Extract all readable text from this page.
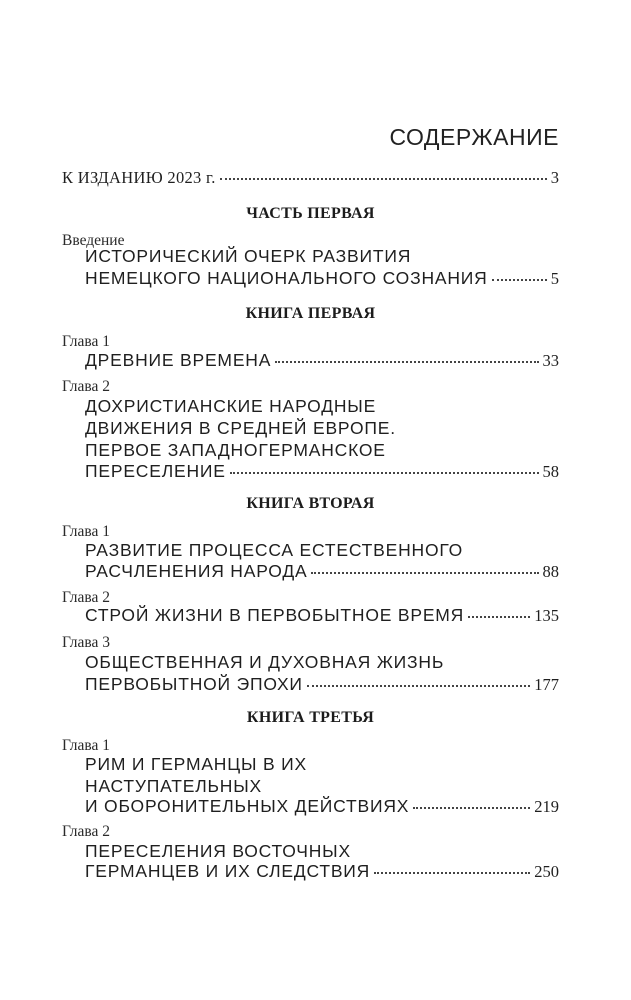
СОДЕРЖАНИЕ
К ИЗДАНИЮ 2023 г.	3
ЧАСТЬ ПЕРВАЯ
Введение
ИСТОРИЧЕСКИЙ ОЧЕРК РАЗВИТИЯ
НЕМЕЦКОГО НАЦИОНАЛЬНОГО СОЗНАНИЯ	5
КНИГА ПЕРВАЯ
Глава 1
ДРЕВНИЕ ВРЕМЕНА	33
Глава 2
ДОХРИСТИАНСКИЕ НАРОДНЫЕ
ДВИЖЕНИЯ В СРЕДНЕЙ ЕВРОПЕ.
ПЕРВОЕ ЗАПАДНОГЕРМАНСКОЕ
ПЕРЕСЕЛЕНИЕ	58
КНИГА ВТОРАЯ
Глава 1
РАЗВИТИЕ ПРОЦЕССА ЕСТЕСТВЕННОГО
РАСЧЛЕНЕНИЯ НАРОДА	88
Глава 2
СТРОЙ ЖИЗНИ В ПЕРВОБЫТНОЕ ВРЕМЯ	135
Глава 3
ОБЩЕСТВЕННАЯ И ДУХОВНАЯ ЖИЗНЬ
ПЕРВОБЫТНОЙ ЭПОХИ	177
КНИГА ТРЕТЬЯ
Глава 1
РИМ И ГЕРМАНЦЫ В ИХ
НАСТУПАТЕЛЬНЫХ
И ОБОРОНИТЕЛЬНЫХ ДЕЙСТВИЯХ	219
Глава 2
ПЕРЕСЕЛЕНИЯ ВОСТОЧНЫХ
ГЕРМАНЦЕВ И ИХ СЛЕДСТВИЯ	250
